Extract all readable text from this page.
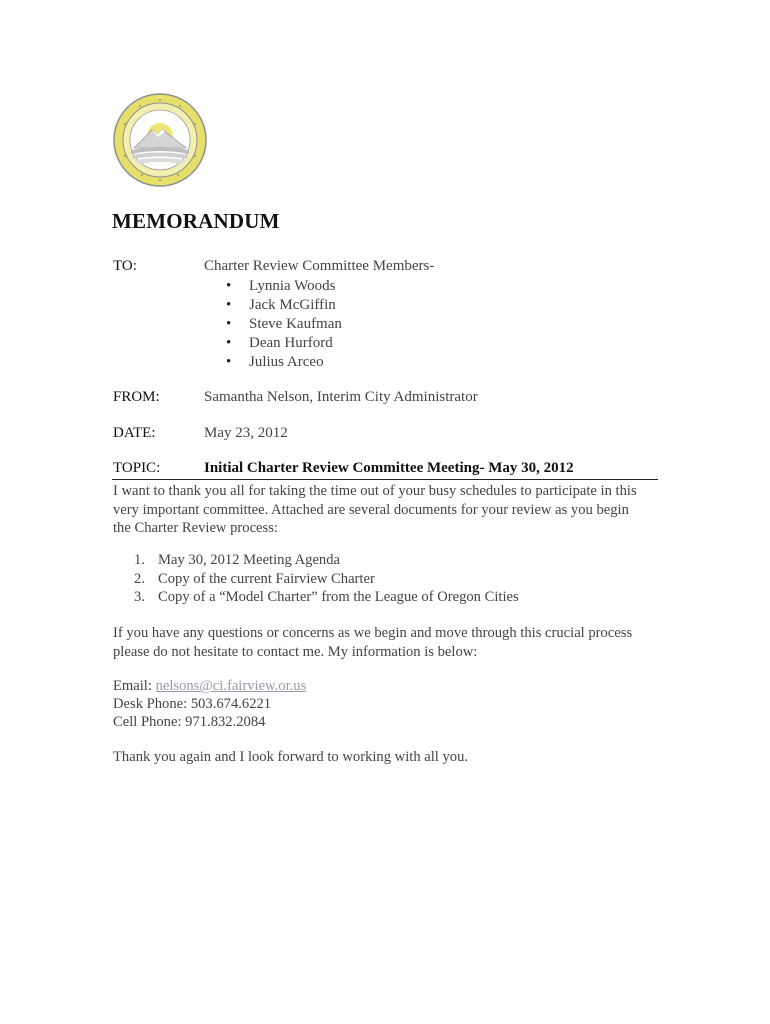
MEMORANDUM
TO:	Charter Review Committee Members-
• Lynnia Woods
• Jack McGiffin
• Steve Kaufman
• Dean Hurford
• Julius Arceo
FROM:	Samantha Nelson, Interim City Administrator
DATE:	May 23, 2012
TOPIC:	Initial Charter Review Committee Meeting- May 30, 2012

I want to thank you all for taking the time out of your busy schedules to participate in this
very important committee. Attached are several documents for your review as you begin
the Charter Review process:

1. May 30, 2012 Meeting Agenda
2. Copy of the current Fairview Charter
3. Copy of a “Model Charter” from the League of Oregon Cities

If you have any questions or concerns as we begin and move through this crucial process
please do not hesitate to contact me. My information is below:

Email: nelsons@ci.fairview.or.us
Desk Phone: 503.674.6221
Cell Phone: 971.832.2084
Thank you again and I look forward to working with all you.
